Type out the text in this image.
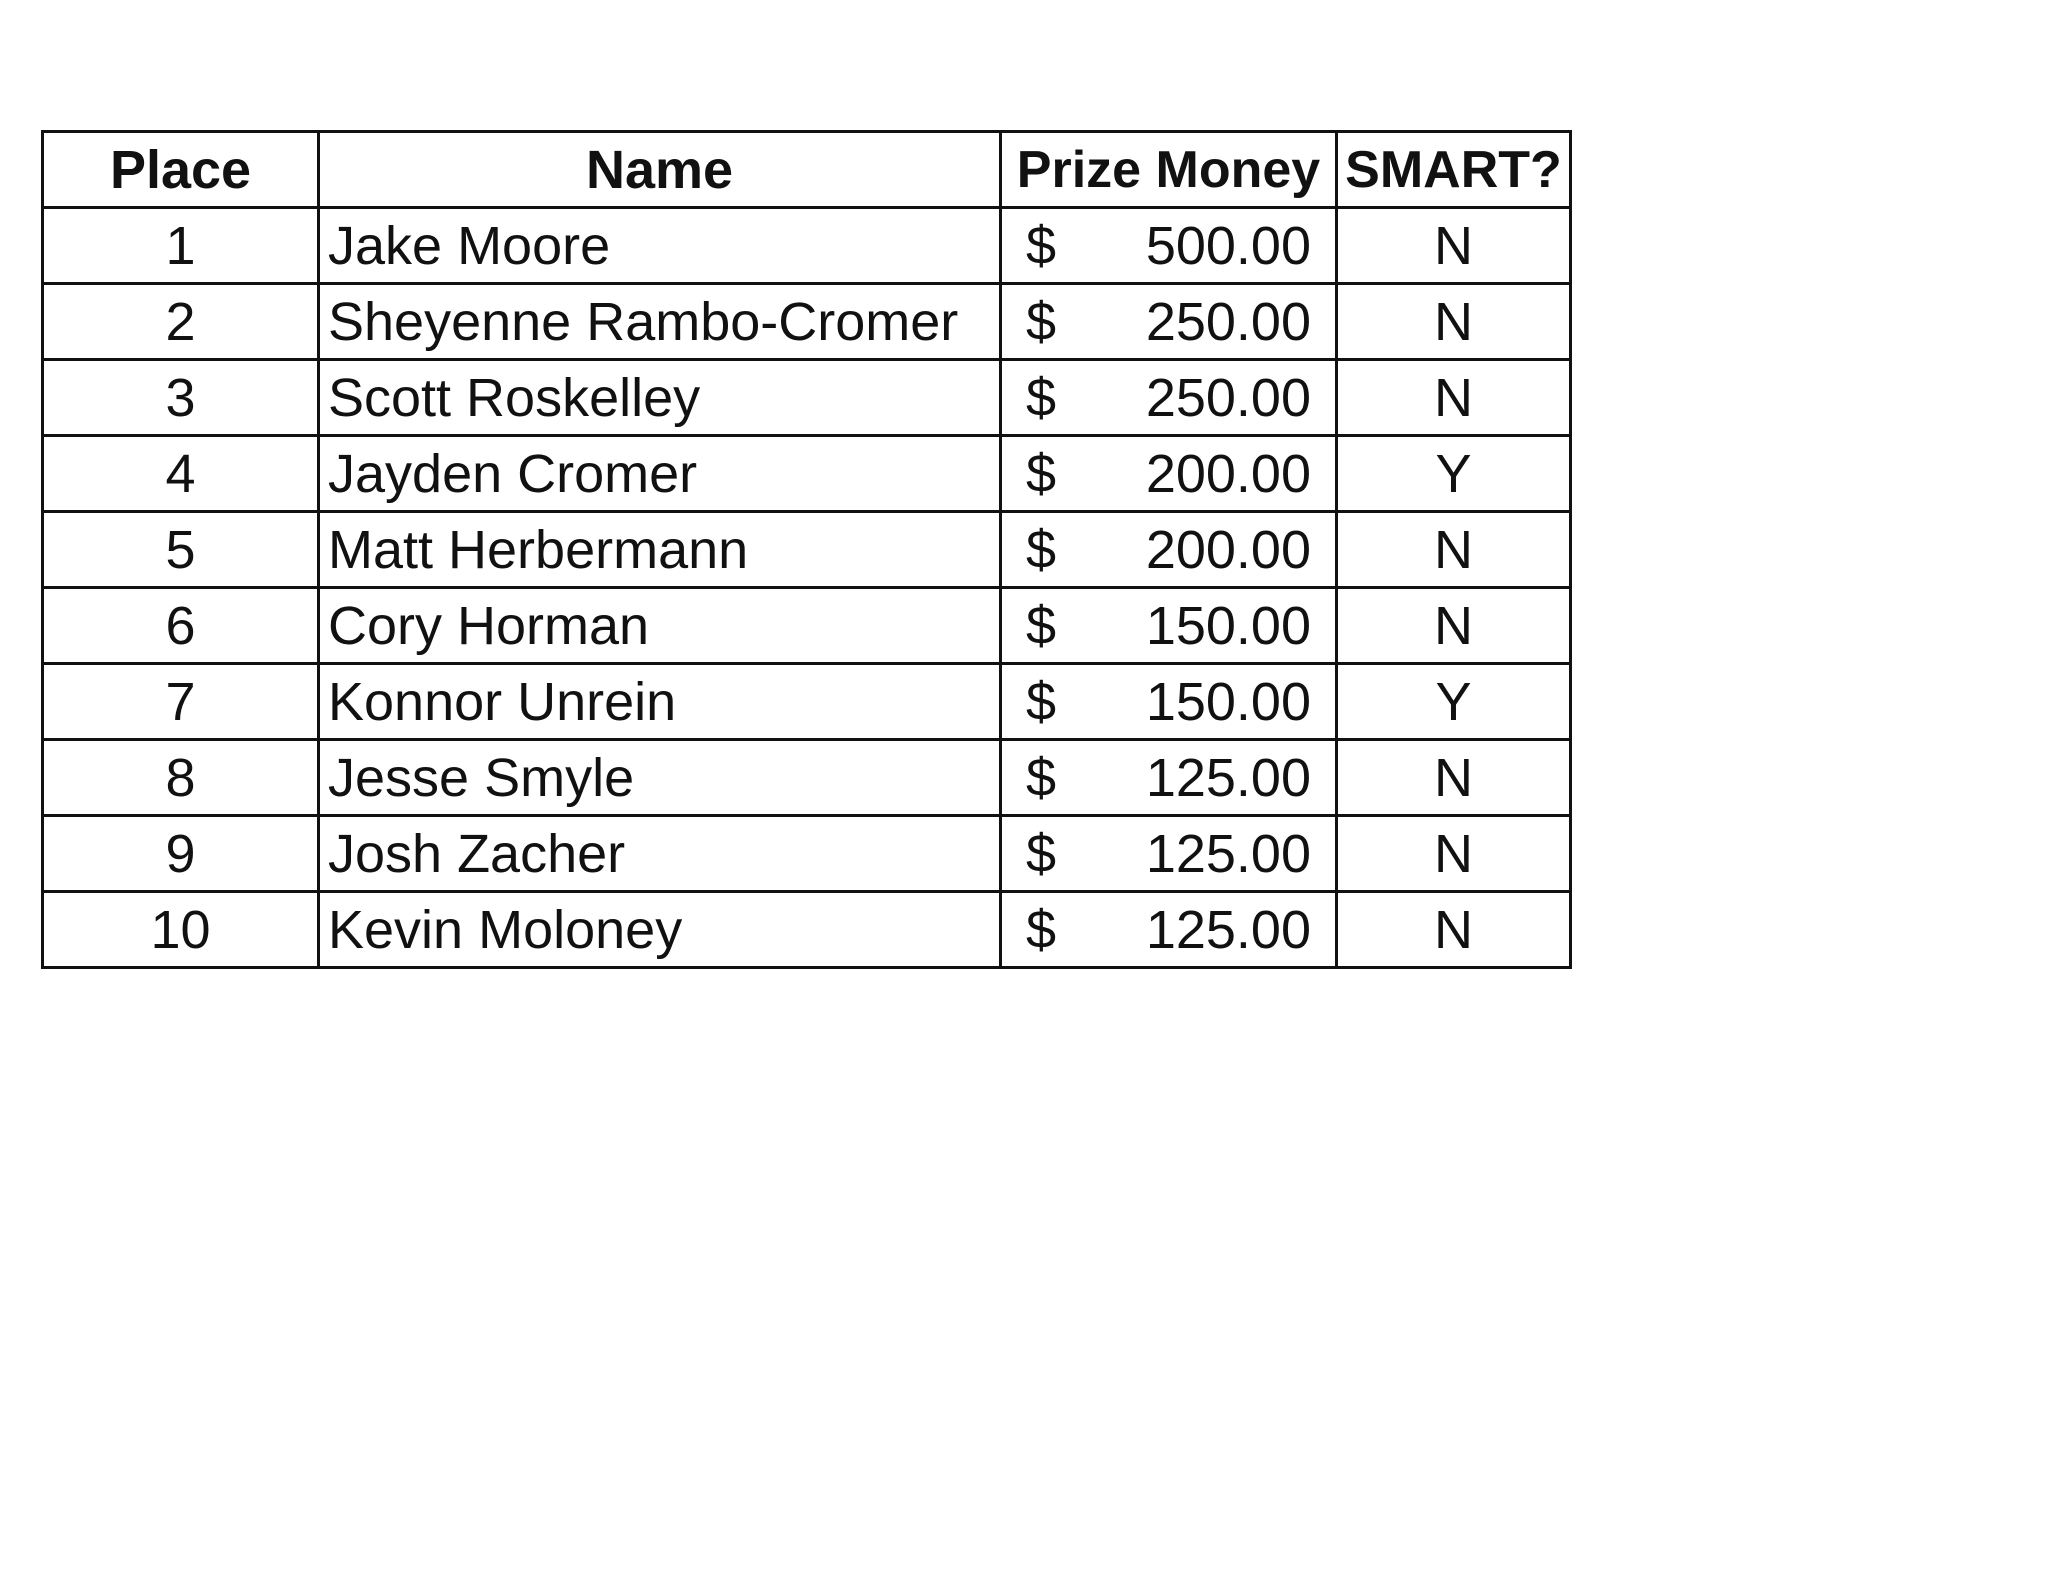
Place	Name	Prize Money	SMART?
1	Jake Moore	$ 500.00	N
2	Sheyenne Rambo-Cromer	$ 250.00	N
3	Scott Roskelley	$ 250.00	N
4	Jayden Cromer	$ 200.00	Y
5	Matt Herbermann	$ 200.00	N
6	Cory Horman	$ 150.00	N
7	Konnor Unrein	$ 150.00	Y
8	Jesse Smyle	$ 125.00	N
9	Josh Zacher	$ 125.00	N
10	Kevin Moloney	$ 125.00	N
